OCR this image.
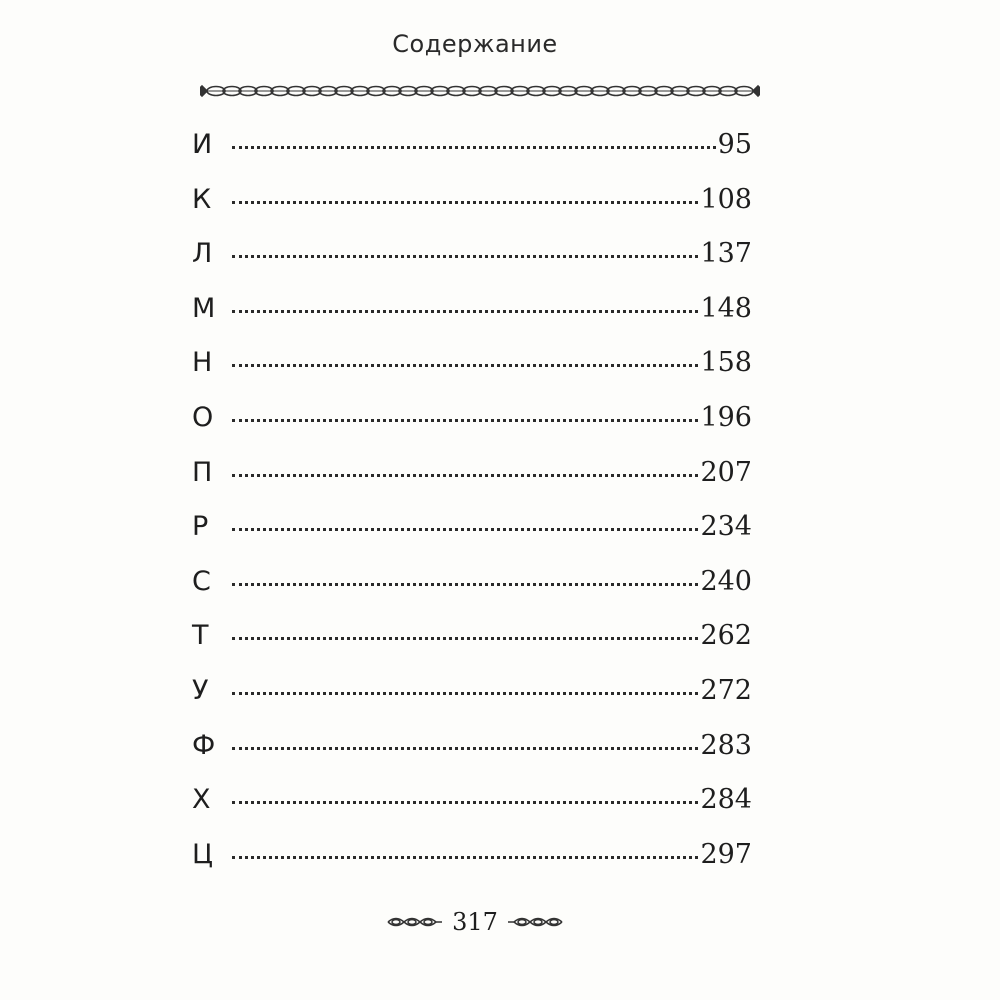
Содержание
И	95
К	108
Л	137
М	148
Н	158
О	196
П	207
Р	234
С	240
Т	262
У	272
Ф	283
Х	284
Ц	297
317
